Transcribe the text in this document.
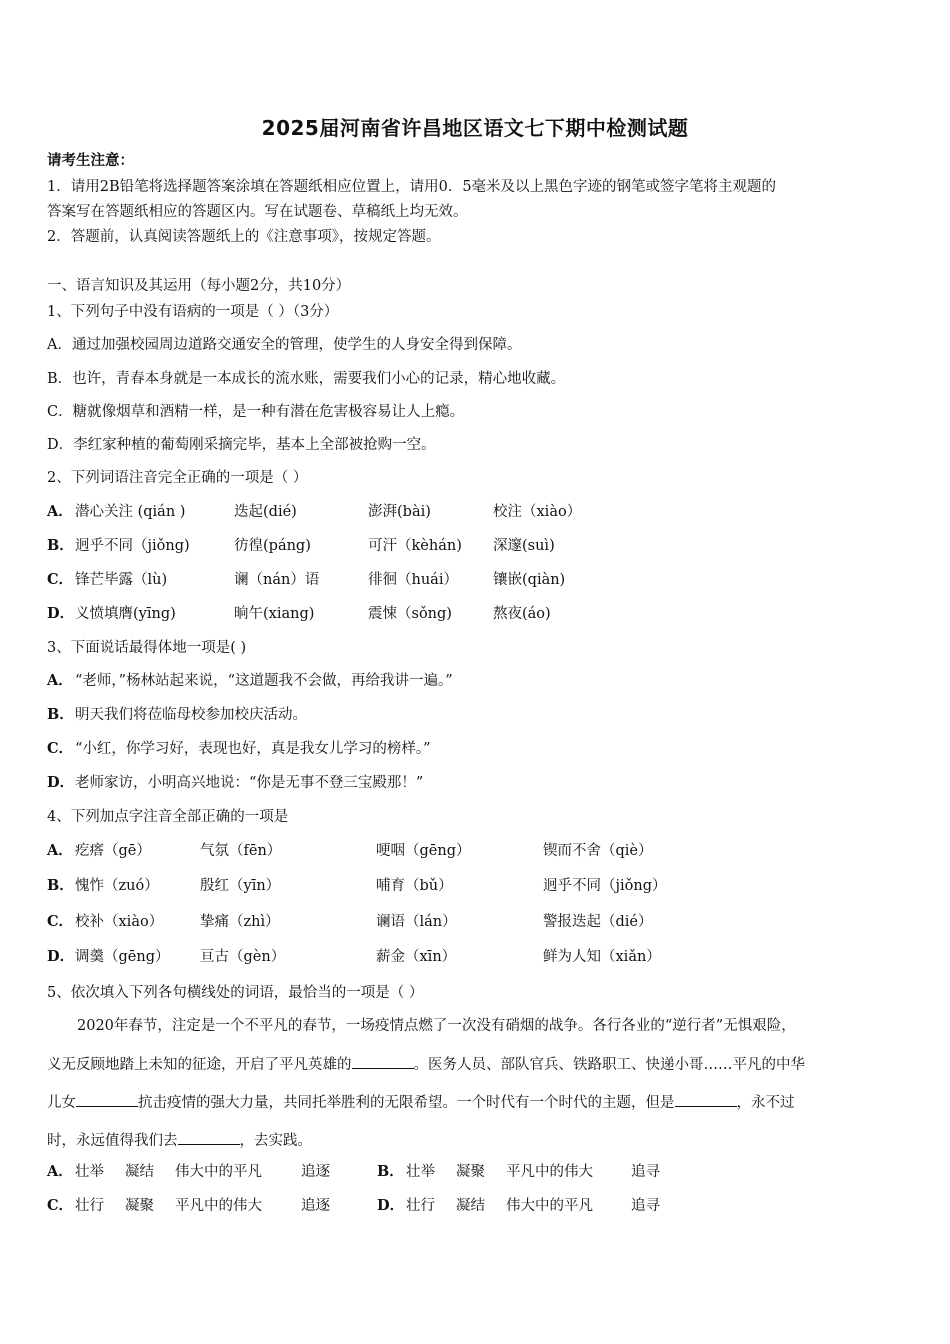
2025届河南省许昌地区语文七下期中检测试题
请考生注意：
1．请用2B铅笔将选择题答案涂填在答题纸相应位置上，请用0．5毫米及以上黑色字迹的钢笔或签字笔将主观题的
答案写在答题纸相应的答题区内。写在试题卷、草稿纸上均无效。
2．答题前，认真阅读答题纸上的《注意事项》，按规定答题。
一、语言知识及其运用（每小题2分，共10分）
1、下列句子中没有语病的一项是（ ）（3分）
A．通过加强校园周边道路交通安全的管理，使学生的人身安全得到保障。
B．也许，青春本身就是一本成长的流水账，需要我们小心的记录，精心地收藏。
C．糖就像烟草和酒精一样，是一种有潜在危害极容易让人上瘾。
D．李红家种植的葡萄刚采摘完毕，基本上全部被抢购一空。
2、下列词语注音完全正确的一项是（ ）
A． 潜心关注 (qián )	迭起(dié)	澎湃(bài)	校注（xiào）
B． 迥乎不同（jiǒng)	彷徨(páng)	可汗（kèhán) 深邃(suì)
C． 锋芒毕露（lù)	谰（nán）语	徘徊（huái） 镶嵌(qiàn)
D． 义愤填膺(yīng)	晌午(xiang)	震悚（sǒng)	熬夜(áo)
3、下面说话最得体地一项是( )
A． “老师，”杨林站起来说，“这道题我不会做，再给我讲一遍。”
B． 明天我们将莅临母校参加校庆活动。
C． “小红，你学习好，表现也好，真是我女儿学习的榜样。”
D． 老师家访，小明高兴地说：“你是无事不登三宝殿那！”
4、下列加点字注音全部正确的一项是
A． 疙瘩（gē）	气氛（fēn）	哽咽（gēng）	锲而不舍（qiè）
B． 愧怍（zuó）	殷红（yīn）	哺育（bǔ）	迥乎不同（jiǒng）
C． 校补（xiào）	挚痛（zhì）	谰语（lán）	警报迭起（dié）
D． 调羹（gēng） 亘古（gèn）	薪金（xīn）	鲜为人知（xiǎn）
5、依次填入下列各句横线处的词语，最恰当的一项是（ ）
2020年春节，注定是一个不平凡的春节，一场疫情点燃了一次没有硝烟的战争。各行各业的“逆行者”无惧艰险，
义无反顾地踏上未知的征途，开启了平凡英雄的	。医务人员、部队官兵、铁路职工、快递小哥……平凡的中华
儿女	抗击疫情的强大力量，共同托举胜利的无限希望。一个时代有一个时代的主题，但是	，永不过
时，永远值得我们去	，去实践。
A． 壮举 凝结 伟大中的平凡	追逐	B． 壮举 凝聚 平凡中的伟大	追寻
C． 壮行 凝聚 平凡中的伟大	追逐	D． 壮行 凝结 伟大中的平凡	追寻
